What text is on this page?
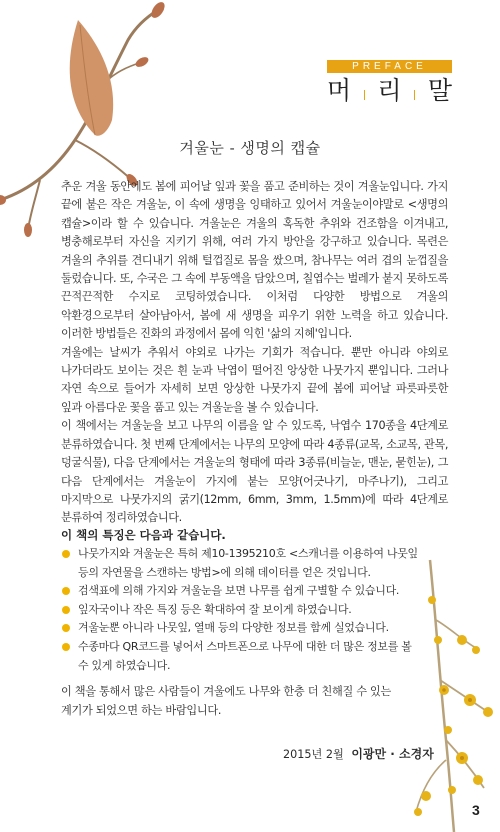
PREFACE
머 리 말
겨울눈 - 생명의 캡슐

추운 겨울 동안에도 봄에 피어날 잎과 꽃을 품고 준비하는 것이 겨울눈입니다. 가지 끝에 붙은 작은 겨울눈, 이 속에 생명을 잉태하고 있어서 겨울눈이야말로 <생명의 캡슐>이라 할 수 있습니다. 겨울눈은 겨울의 혹독한 추위와 건조함을 이겨내고, 병충해로부터 자신을 지키기 위해, 여러 가지 방안을 강구하고 있습니다. 목련은 겨울의 추위를 견디내기 위해 털껍질로 몸을 쌌으며, 참나무는 여러 겹의 눈껍질을 둘렀습니다. 또, 수국은 그 속에 부동액을 담았으며, 칠엽수는 벌레가 붙지 못하도록 끈적끈적한 수지로 코팅하였습니다. 이처럼 다양한 방법으로 겨울의 악환경으로부터 살아남아서, 봄에 새 생명을 피우기 위한 노력을 하고 있습니다. 이러한 방법들은 진화의 과정에서 몸에 익힌 '삶의 지혜'입니다.

겨울에는 날씨가 추워서 야외로 나가는 기회가 적습니다. 뿐만 아니라 야외로 나가더라도 보이는 것은 흰 눈과 낙엽이 떨어진 앙상한 나뭇가지 뿐입니다. 그러나 자연 속으로 들어가 자세히 보면 앙상한 나뭇가지 끝에 봄에 피어날 파릇파릇한 잎과 아름다운 꽃을 품고 있는 겨울눈을 볼 수 있습니다.

이 책에서는 겨울눈을 보고 나무의 이름을 알 수 있도록, 낙엽수 170종을 4단계로 분류하였습니다. 첫 번째 단계에서는 나무의 모양에 따라 4종류(교목, 소교목, 관목, 덩굴식물), 다음 단계에서는 겨울눈의 형태에 따라 3종류(비늘눈, 맨눈, 묻힌눈), 그 다음 단계에서는 겨울눈이 가지에 붙는 모양(어긋나기, 마주나기), 그리고 마지막으로 나뭇가지의 굵기(12mm, 6mm, 3mm, 1.5mm)에 따라 4단계로 분류하여 정리하였습니다.

이 책의 특징은 다음과 같습니다.
나뭇가지와 겨울눈은 특허 제10-1395210호 <스캐너를 이용하여 나뭇잎 등의 자연물을 스캔하는 방법>에 의해 데이터를 얻은 것입니다.
검색표에 의해 가지와 겨울눈을 보면 나무를 쉽게 구별할 수 있습니다.
잎자국이나 작은 특징 등은 확대하여 잘 보이게 하였습니다.
겨울눈뿐 아니라 나뭇잎, 열매 등의 다양한 정보를 함께 실었습니다.
수종마다 QR코드를 넣어서 스마트폰으로 나무에 대한 더 많은 정보를 볼 수 있게 하였습니다.
이 책을 통해서 많은 사람들이 겨울에도 나무와 한층 더 친해질 수 있는 계기가 되었으면 하는 바람입니다.
2015년 2월 이광만 · 소경자
3
